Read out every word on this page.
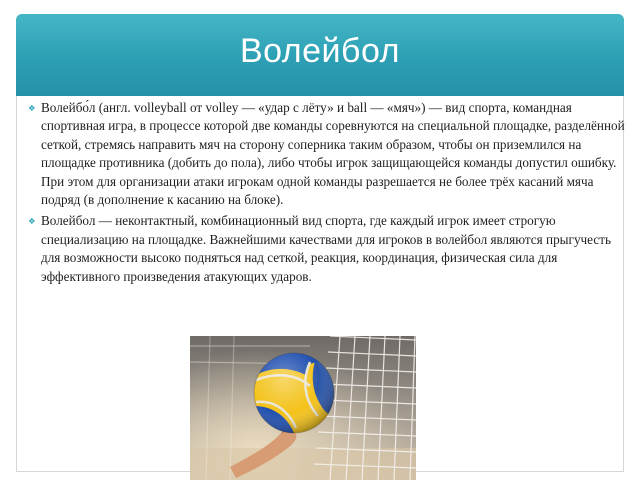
Волейбол
❖ Волейбо́л (англ. volleyball от volley — «удар с лёту» и ball — «мяч») — вид спорта, командная спортивная игра, в процессе которой две команды соревнуются на специальной площадке, разделённой сеткой, стремясь направить мяч на сторону соперника таким образом, чтобы он приземлился на площадке противника (добить до пола), либо чтобы игрок защищающейся команды допустил ошибку. При этом для организации атаки игрокам одной команды разрешается не более трёх касаний мяча подряд (в дополнение к касанию на блоке).
❖ Волейбол — неконтактный, комбинационный вид спорта, где каждый игрок имеет строгую специализацию на площадке. Важнейшими качествами для игроков в волейбол являются прыгучесть для возможности высоко подняться над сеткой, реакция, координация, физическая сила для эффективного произведения атакующих ударов.
